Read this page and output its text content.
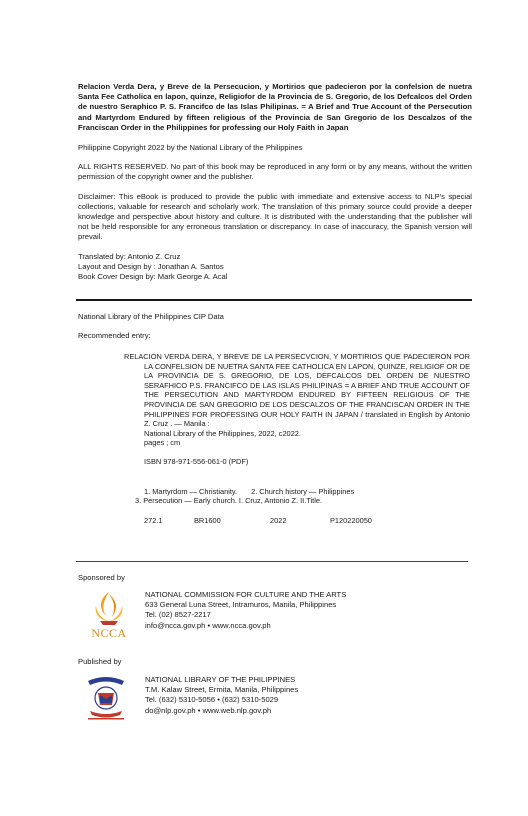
Relacion Verda Dera, y Breve de la Persecucion, y Mortirios que padecieron por la confelsion de nuetra Santa Fee Catholica en lapon, quinze, Religiofor de la Provincia de S. Gregorio, de los Defcalcos del Orden de nuestro Seraphico P. S. Francifco de las Islas Philipinas. = A Brief and True Account of the Persecution and Martyrdom Endured by fifteen religious of the Provincia de San Gregorio de los Descalzos of the Franciscan Order in the Philippines for professing our Holy Faith in Japan

Philippine Copyright 2022 by the National Library of the Philippines

ALL RIGHTS RESERVED. No part of this book may be reproduced in any form or by any means, without the written permission of the copyright owner and the publisher.

Disclaimer: This eBook is produced to provide the public with immediate and extensive access to NLP's special collections, valuable for research and scholarly work. The translation of this primary source could provide a deeper knowledge and perspective about history and culture. It is distributed with the understanding that the publisher will not be held responsible for any erroneous translation or discrepancy. In case of inaccuracy, the Spanish version will prevail.

Translated by: Antonio Z. Cruz

Layout and Design by : Jonathan A. Santos

Book Cover Design by: Mark George A. Acal

National Library of the Philippines CIP Data

Recommended entry:

RELACION VERDA DERA, Y BREVE DE LA PERSECVCION, Y MORTIRIOS QUE PADECIERON POR LA CONFELSION DE NUETRA SANTA FEE CATHOLICA EN LAPON, QUINZE, RELIGIOF OR DE LA PROVINCIA DE S. GREGORIO, DE LOS, DEFCALCOS DEL ORDEN DE NUESTRO SERAFHICO P.S. FRANCIFCO DE LAS ISLAS PHILIPINAS = A BRIEF AND TRUE ACCOUNT OF THE PERSECUTION AND MARTYRDOM ENDURED BY FIFTEEN RELIGIOUS OF THE PROVINCIA DE SAN GREGORIO DE LOS DESCALZOS OF THE FRANCISCAN ORDER IN THE PHILIPPINES FOR PROFESSING OUR HOLY FAITH IN JAPAN / translated in English by Antonio Z. Cruz . — Manila :

National Library of the Philippines, 2022, c2022.

pages ; cm

ISBN 978-971-556-061-0 (PDF)

1. Martyrdom — Christianity. 2. Church history — Philippines
3. Persecution — Early church. I. Cruz, Antonio Z. II.Title.
272.1	BR1600	2022	P120220050
Sponsored by
NCCA

NATIONAL COMMISSION FOR CULTURE AND THE ARTS

633 General Luna Street, Intramuros, Manila, Philippines

Tel. (02) 8527-2217

info@ncca.gov.ph • www.ncca.gov.ph

Published by

NATIONAL LIBRARY OF THE PHILIPPINES

T.M. Kalaw Street, Ermita, Manila, Philippines

Tel. (632) 5310-5056 • (632) 5310-5029

do@nlp.gov.ph • www.web.nlp.gov.ph
